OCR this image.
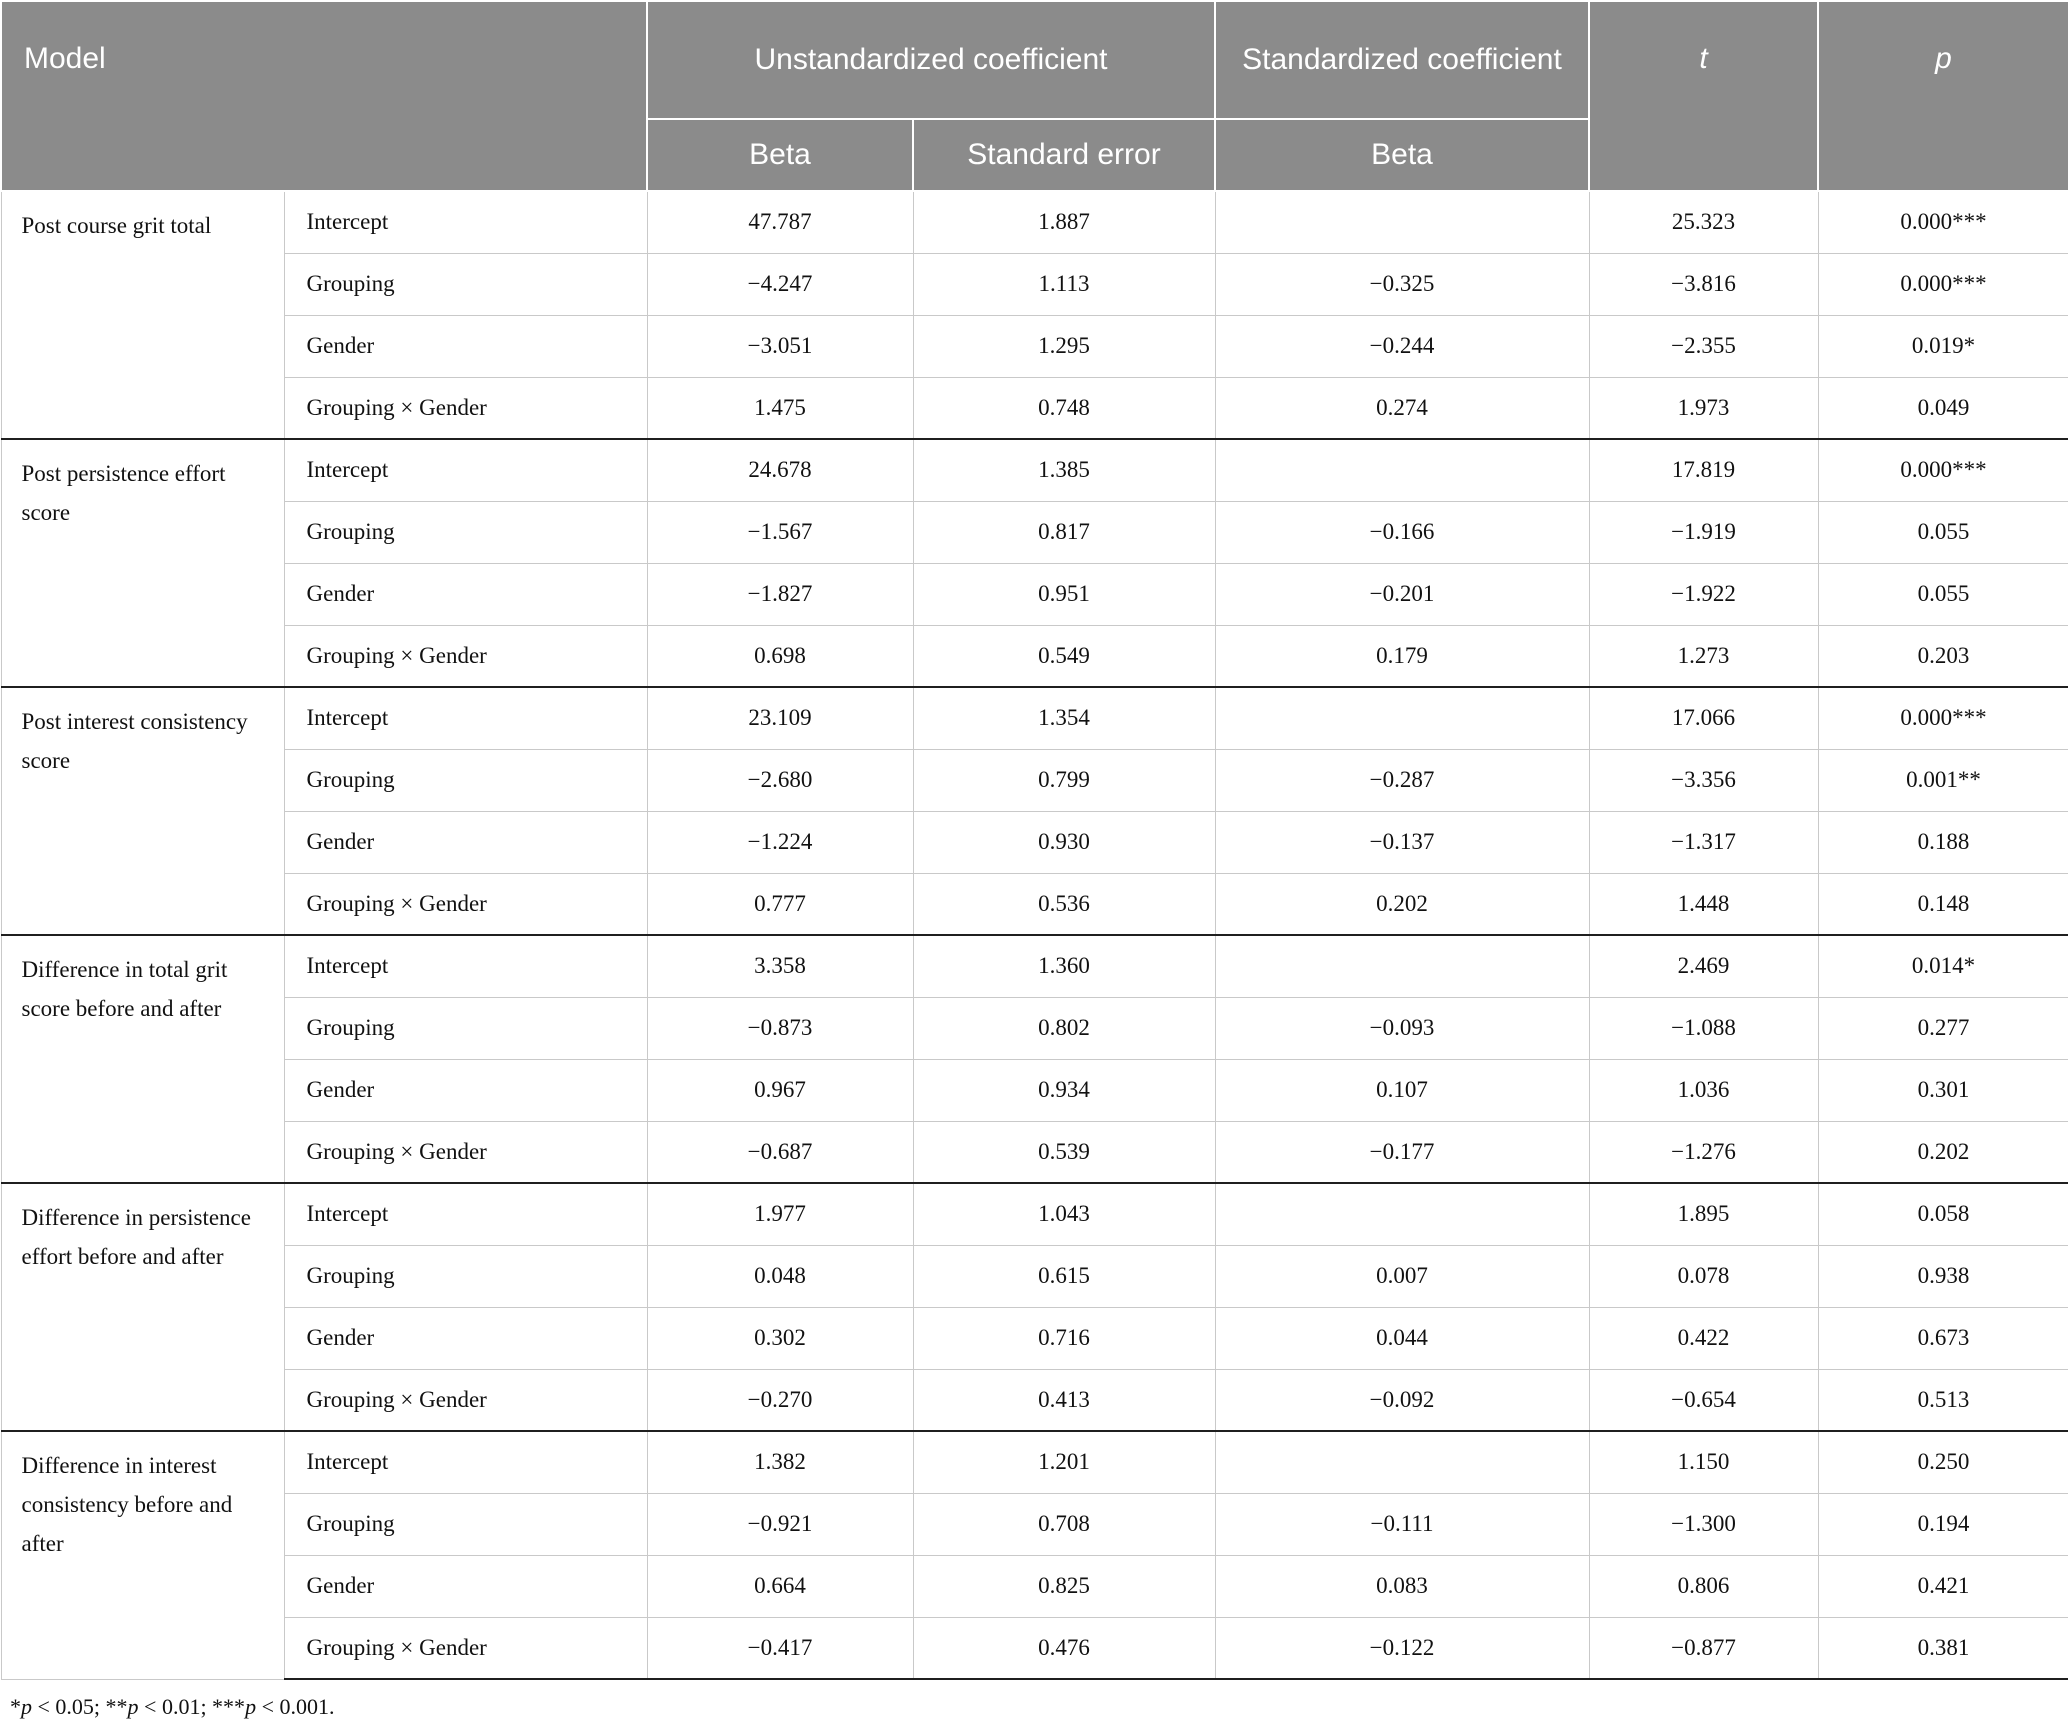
Model		Unstandardized coefficient		Standardized coefficient	t	p
		Beta	Standard error	Beta		
Post course grit total	Intercept	47.787	1.887		25.323	0.000***
	Grouping	−4.247	1.113	−0.325	−3.816	0.000***
	Gender	−3.051	1.295	−0.244	−2.355	0.019*
	Grouping × Gender	1.475	0.748	0.274	1.973	0.049
Post persistence effort score	Intercept	24.678	1.385		17.819	0.000***
	Grouping	−1.567	0.817	−0.166	−1.919	0.055
	Gender	−1.827	0.951	−0.201	−1.922	0.055
	Grouping × Gender	0.698	0.549	0.179	1.273	0.203
Post interest consistency score	Intercept	23.109	1.354		17.066	0.000***
	Grouping	−2.680	0.799	−0.287	−3.356	0.001**
	Gender	−1.224	0.930	−0.137	−1.317	0.188
	Grouping × Gender	0.777	0.536	0.202	1.448	0.148
Difference in total grit score before and after	Intercept	3.358	1.360		2.469	0.014*
	Grouping	−0.873	0.802	−0.093	−1.088	0.277
	Gender	0.967	0.934	0.107	1.036	0.301
	Grouping × Gender	−0.687	0.539	−0.177	−1.276	0.202
Difference in persistence effort before and after	Intercept	1.977	1.043		1.895	0.058
	Grouping	0.048	0.615	0.007	0.078	0.938
	Gender	0.302	0.716	0.044	0.422	0.673
	Grouping × Gender	−0.270	0.413	−0.092	−0.654	0.513
Difference in interest consistency before and after	Intercept	1.382	1.201		1.150	0.250
	Grouping	−0.921	0.708	−0.111	−1.300	0.194
	Gender	0.664	0.825	0.083	0.806	0.421
	Grouping × Gender	−0.417	0.476	−0.122	−0.877	0.381
*p < 0.05; **p < 0.01; ***p < 0.001.
